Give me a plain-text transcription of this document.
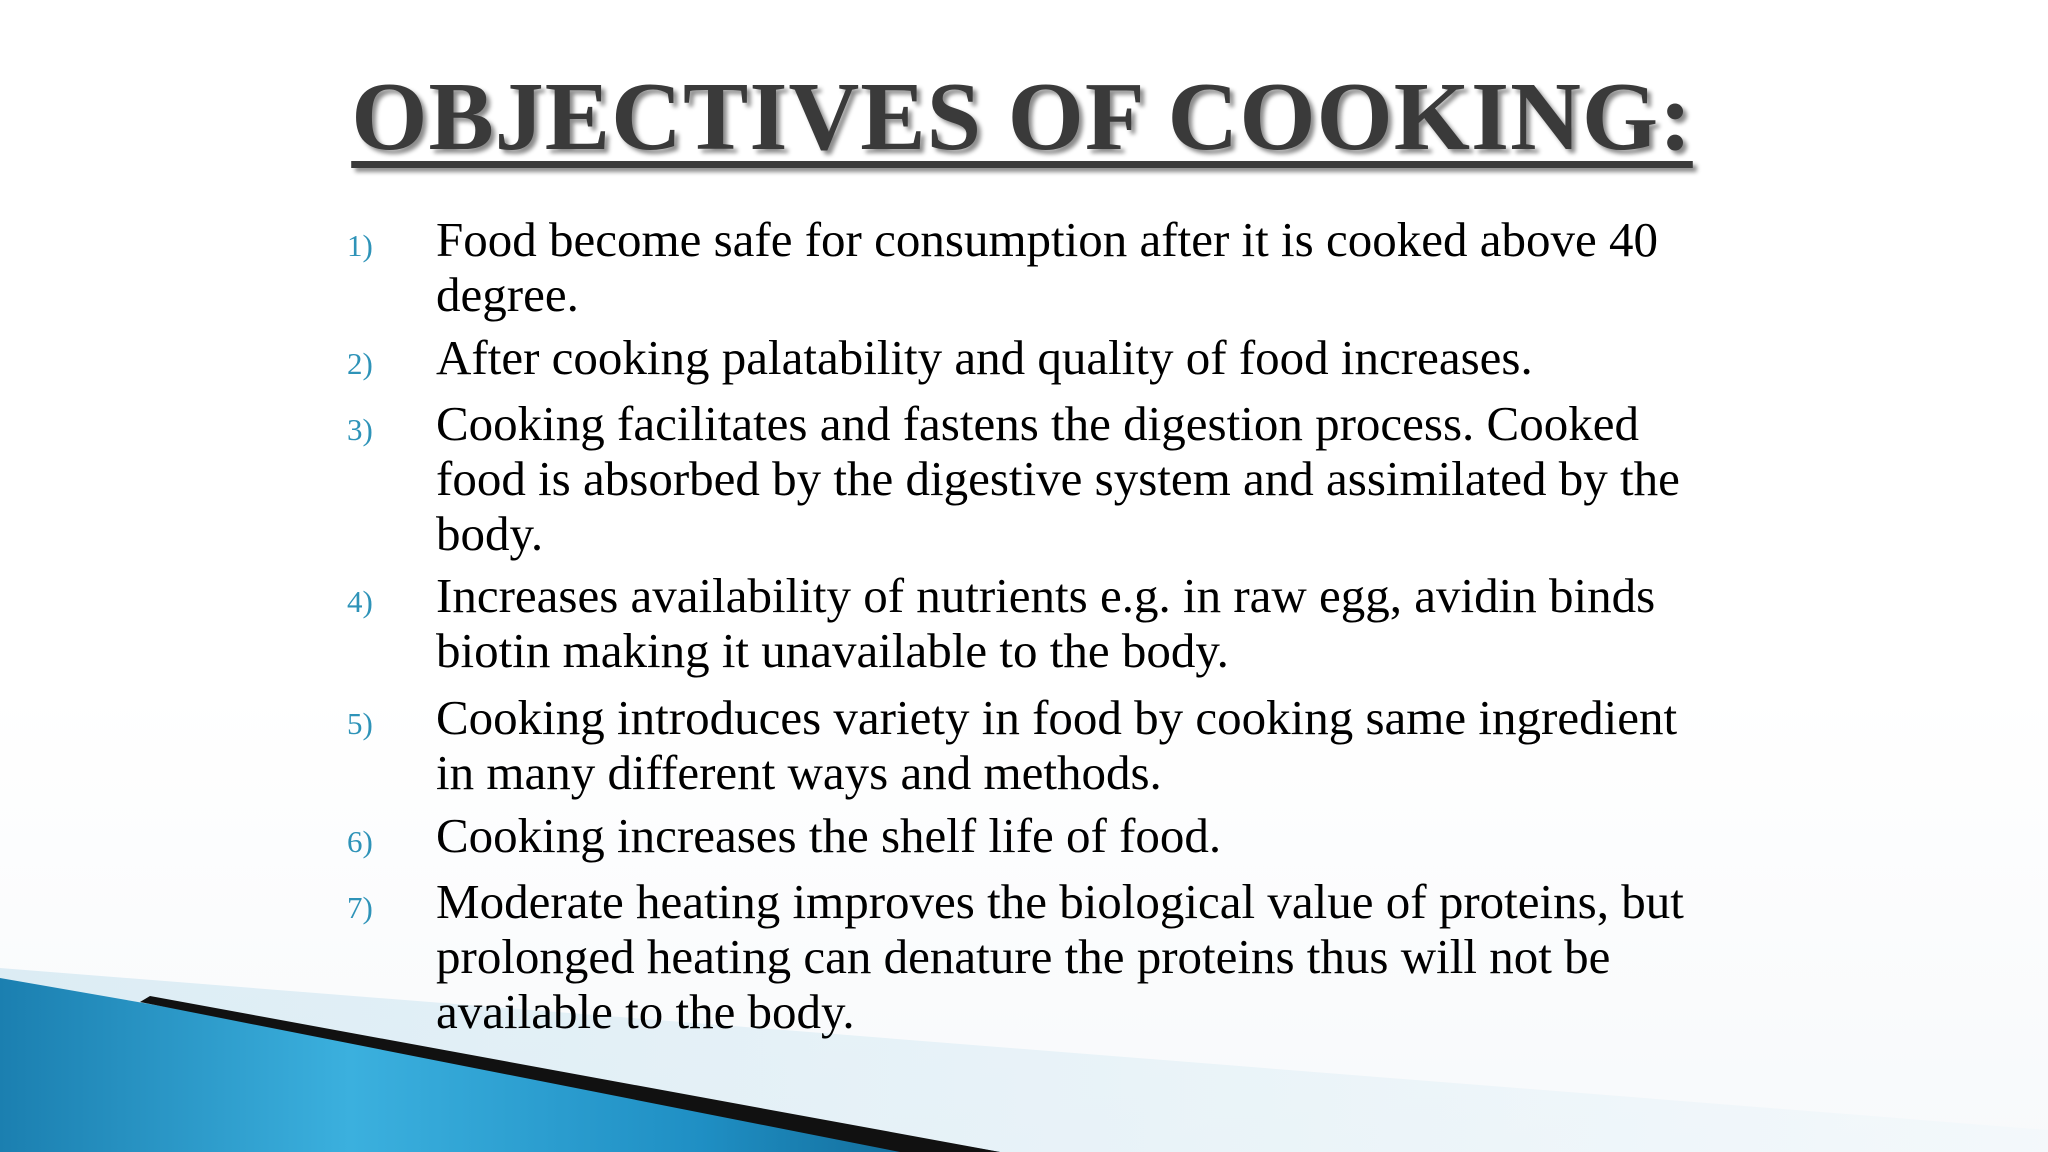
OBJECTIVES OF COOKING:
1)	Food become safe for consumption after it is cooked above 40 degree.
2)	After cooking palatability and quality of food increases.
3)	Cooking facilitates and fastens the digestion process. Cooked food is absorbed by the digestive system and assimilated by the body.
4)	Increases availability of nutrients e.g. in raw egg, avidin binds biotin making it unavailable to the body.
5)	Cooking introduces variety in food by cooking same ingredient in many different ways and methods.
6)	Cooking increases the shelf life of food.
7)	Moderate heating improves the biological value of proteins, but prolonged heating can denature the proteins thus will not be available to the body.
